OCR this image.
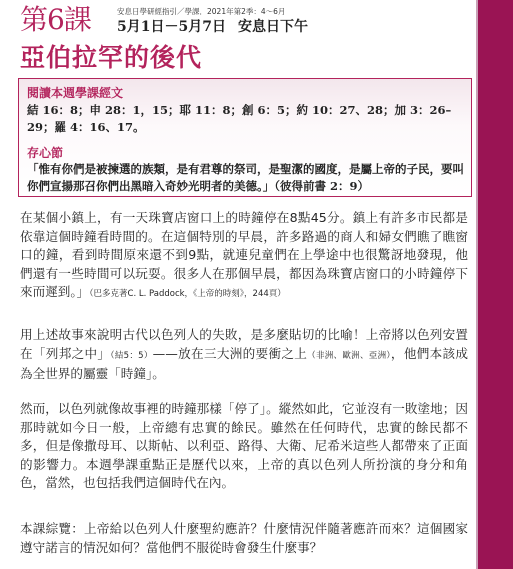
第6課	安息日學研經指引／學課．2021年第2季：4～6月
5月1日－5月7日 安息日下午
亞伯拉罕的後代
閱讀本週學課經文
結 16：8；申 28：1，15；耶 11：8；創 6：5；約 10：27、28；加 3：26–29；羅 4：16、17。
存心節
「惟有你們是被揀選的族類，是有君尊的祭司，是聖潔的國度，是屬上帝的子民，要叫你們宣揚那召你們出黑暗入奇妙光明者的美德。」（彼得前書 2：9）
在某個小鎮上，有一天珠寶店窗口上的時鐘停在8點45分。鎮上有許多市民都是依靠這個時鐘看時間的。在這個特別的早晨，許多路過的商人和婦女們瞧了瞧窗口的鐘，看到時間原來還不到9點，就連兒童們在上學途中也很驚訝地發現，他們還有一些時間可以玩耍。很多人在那個早晨，都因為珠寶店窗口的小時鐘停下來而遲到。」（巴多克著C. L. Paddock，《上帝的時刻》，244頁）
用上述故事來說明古代以色列人的失敗，是多麼貼切的比喻！上帝將以色列安置在「列邦之中」（結5：5）——放在三大洲的要衝之上（非洲、歐洲、亞洲），他們本該成為全世界的屬靈「時鐘」。
然而，以色列就像故事裡的時鐘那樣「停了」。縱然如此，它並沒有一敗塗地；因那時就如今日一般，上帝總有忠實的餘民。雖然在任何時代，忠實的餘民都不多，但是像撒母耳、以斯帖、以利亞、路得、大衛、尼希米這些人都帶來了正面的影響力。本週學課重點正是歷代以來，上帝的真以色列人所扮演的身分和角色，當然，也包括我們這個時代在內。
本課綜覽：上帝給以色列人什麼聖約應許？什麼情況伴隨著應許而來？這個國家遵守諾言的情況如何？當他們不服從時會發生什麼事？
